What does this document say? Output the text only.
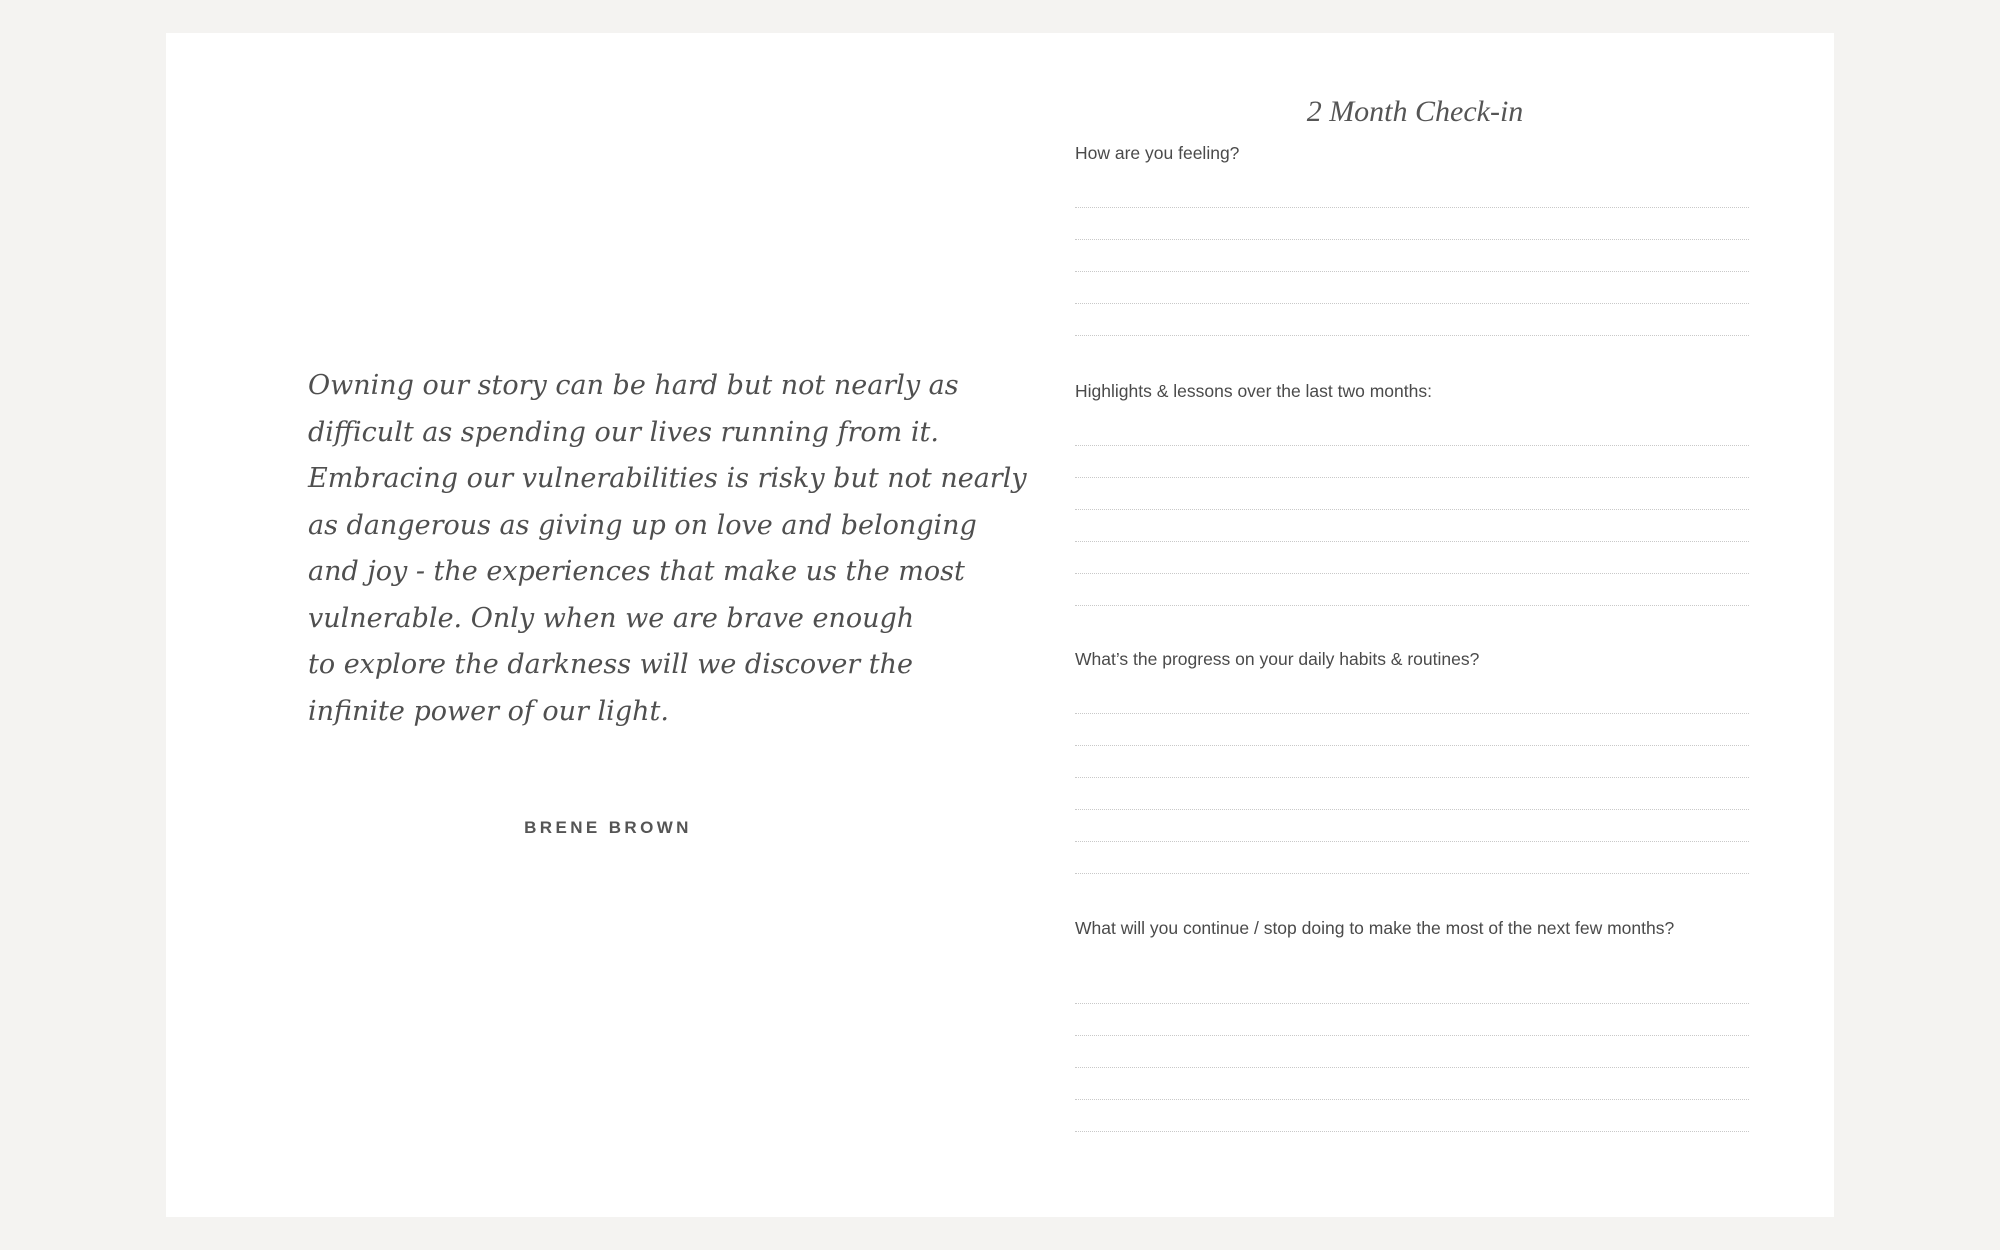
Owning our story can be hard but not nearly as
difficult as spending our lives running from it.
Embracing our vulnerabilities is risky but not nearly
as dangerous as giving up on love and belonging
and joy - the experiences that make us the most
vulnerable. Only when we are brave enough
to explore the darkness will we discover the
infinite power of our light.
BRENE BROWN
2 Month Check-in
How are you feeling?
Highlights & lessons over the last two months:
What’s the progress on your daily habits & routines?
What will you continue / stop doing to make the most of the next few months?
